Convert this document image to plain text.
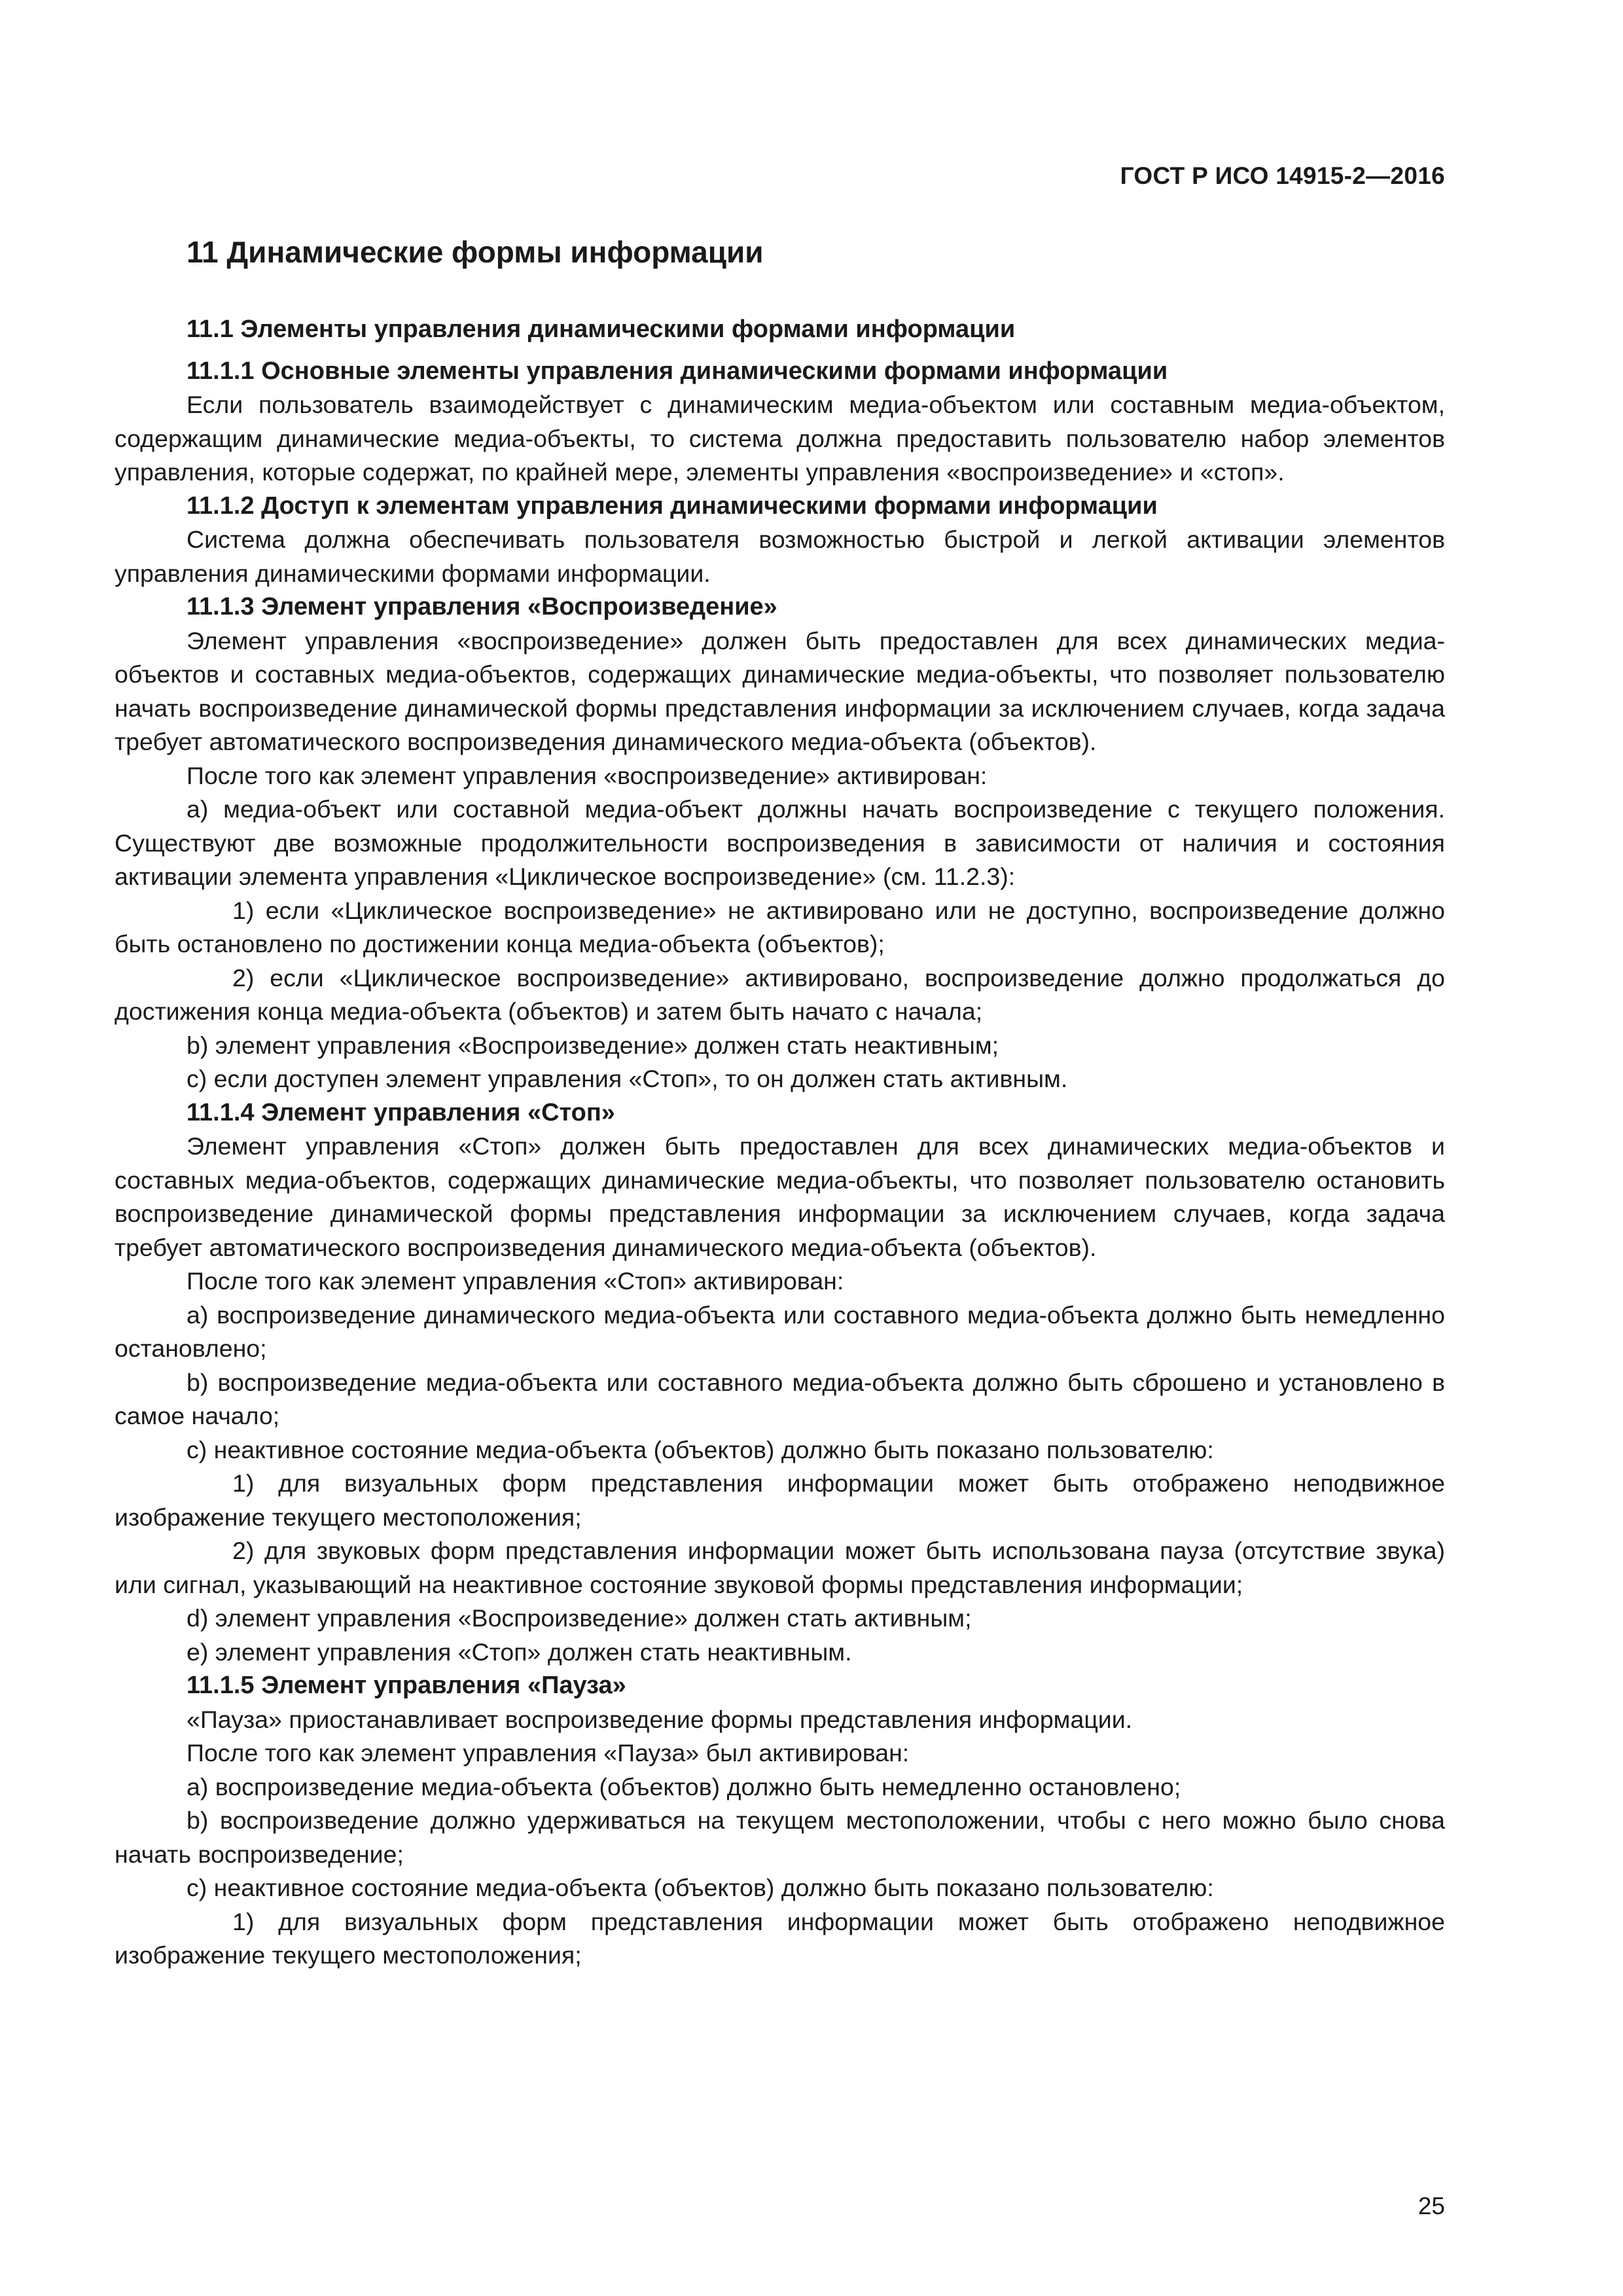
ГОСТ Р ИСО 14915-2—2016
11 Динамические формы информации
11.1 Элементы управления динамическими формами информации
11.1.1 Основные элементы управления динамическими формами информации

Если пользователь взаимодействует с динамическим медиа-объектом или составным медиа-объектом, содержащим динамические медиа-объекты, то система должна предоставить пользователю набор элементов управления, которые содержат, по крайней мере, элементы управления «воспроизведение» и «стоп».

11.1.2 Доступ к элементам управления динамическими формами информации

Система должна обеспечивать пользователя возможностью быстрой и легкой активации элементов управления динамическими формами информации.

11.1.3 Элемент управления «Воспроизведение»

Элемент управления «воспроизведение» должен быть предоставлен для всех динамических медиа-объектов и составных медиа-объектов, содержащих динамические медиа-объекты, что позволяет пользователю начать воспроизведение динамической формы представления информации за исключением случаев, когда задача требует автоматического воспроизведения динамического медиа-объекта (объектов).

После того как элемент управления «воспроизведение» активирован:

a) медиа-объект или составной медиа-объект должны начать воспроизведение с текущего положения. Существуют две возможные продолжительности воспроизведения в зависимости от наличия и состояния активации элемента управления «Циклическое воспроизведение» (см. 11.2.3):

1) если «Циклическое воспроизведение» не активировано или не доступно, воспроизведение должно быть остановлено по достижении конца медиа-объекта (объектов);

2) если «Циклическое воспроизведение» активировано, воспроизведение должно продолжаться до достижения конца медиа-объекта (объектов) и затем быть начато с начала;

b) элемент управления «Воспроизведение» должен стать неактивным;

c) если доступен элемент управления «Стоп», то он должен стать активным.

11.1.4 Элемент управления «Стоп»

Элемент управления «Стоп» должен быть предоставлен для всех динамических медиа-объектов и составных медиа-объектов, содержащих динамические медиа-объекты, что позволяет пользователю остановить воспроизведение динамической формы представления информации за исключением случаев, когда задача требует автоматического воспроизведения динамического медиа-объекта (объектов).

После того как элемент управления «Стоп» активирован:

a) воспроизведение динамического медиа-объекта или составного медиа-объекта должно быть немедленно остановлено;

b) воспроизведение медиа-объекта или составного медиа-объекта должно быть сброшено и установлено в самое начало;

c) неактивное состояние медиа-объекта (объектов) должно быть показано пользователю:

1) для визуальных форм представления информации может быть отображено неподвижное изображение текущего местоположения;

2) для звуковых форм представления информации может быть использована пауза (отсутствие звука) или сигнал, указывающий на неактивное состояние звуковой формы представления информации;

d) элемент управления «Воспроизведение» должен стать активным;

e) элемент управления «Стоп» должен стать неактивным.

11.1.5 Элемент управления «Пауза»

«Пауза» приостанавливает воспроизведение формы представления информации.

После того как элемент управления «Пауза» был активирован:

a) воспроизведение медиа-объекта (объектов) должно быть немедленно остановлено;

b) воспроизведение должно удерживаться на текущем местоположении, чтобы с него можно было снова начать воспроизведение;

c) неактивное состояние медиа-объекта (объектов) должно быть показано пользователю:

1) для визуальных форм представления информации может быть отображено неподвижное изображение текущего местоположения;

25
